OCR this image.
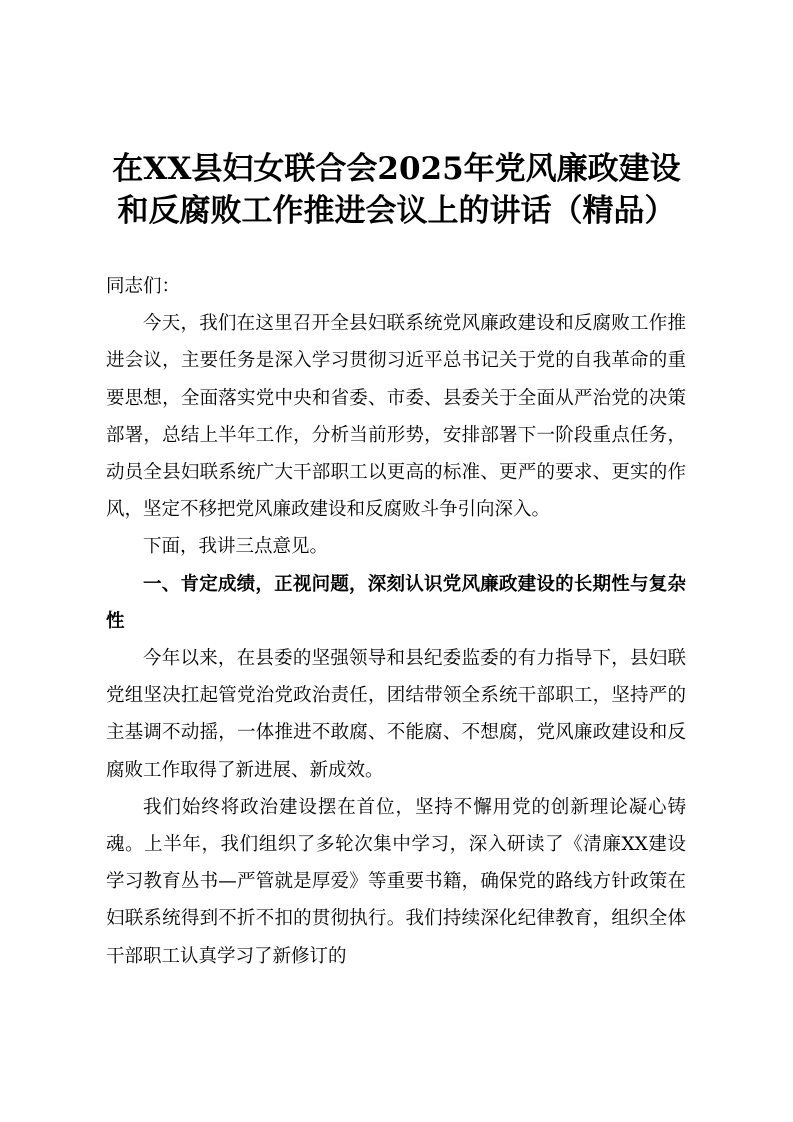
在XX县妇女联合会2025年党风廉政建设
和反腐败工作推进会议上的讲话（精品）

同志们：

今天，我们在这里召开全县妇联系统党风廉政建设和反腐败工作推进会议，主要任务是深入学习贯彻习近平总书记关于党的自我革命的重要思想，全面落实党中央和省委、市委、县委关于全面从严治党的决策部署，总结上半年工作，分析当前形势，安排部署下一阶段重点任务，动员全县妇联系统广大干部职工以更高的标准、更严的要求、更实的作风，坚定不移把党风廉政建设和反腐败斗争引向深入。

下面，我讲三点意见。

一、肯定成绩，正视问题，深刻认识党风廉政建设的长期性与复杂性

今年以来，在县委的坚强领导和县纪委监委的有力指导下，县妇联党组坚决扛起管党治党政治责任，团结带领全系统干部职工，坚持严的主基调不动摇，一体推进不敢腐、不能腐、不想腐，党风廉政建设和反腐败工作取得了新进展、新成效。

我们始终将政治建设摆在首位，坚持不懈用党的创新理论凝心铸魂。上半年，我们组织了多轮次集中学习，深入研读了《清廉XX建设学习教育丛书—严管就是厚爱》等重要书籍，确保党的路线方针政策在妇联系统得到不折不扣的贯彻执行。我们持续深化纪律教育，组织全体干部职工认真学习了新修订的
